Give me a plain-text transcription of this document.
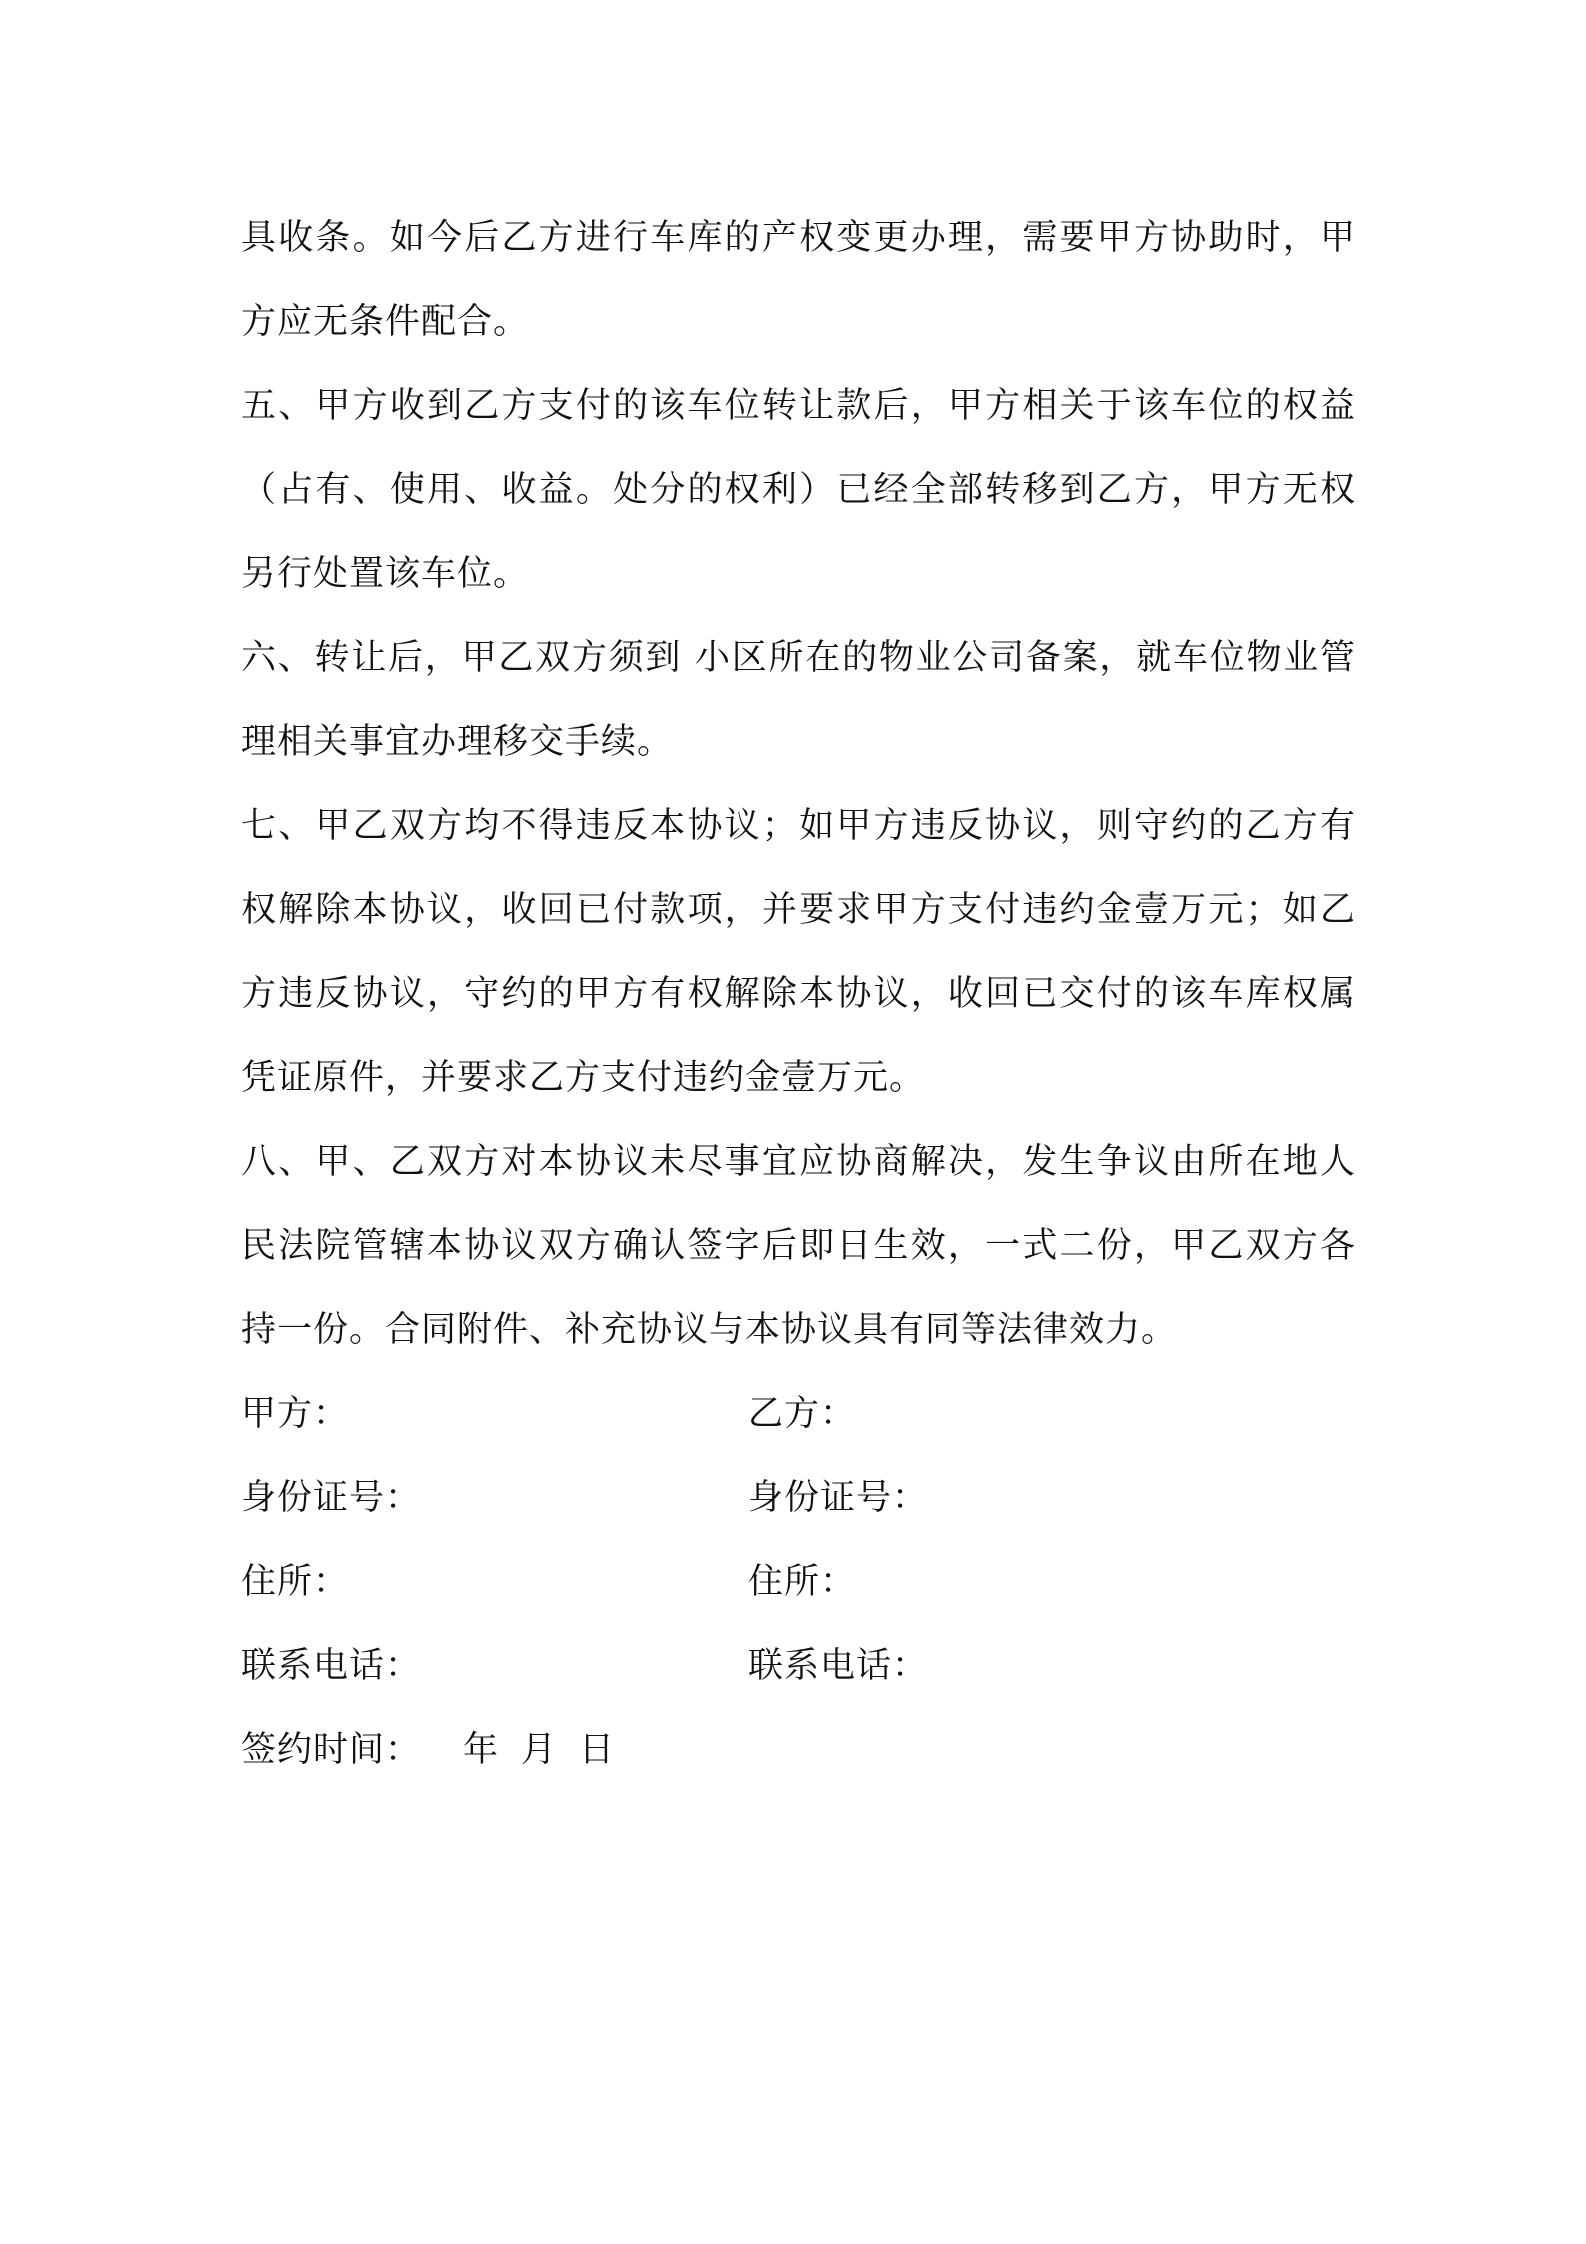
具收条。如今后乙方进行车库的产权变更办理，需要甲方协助时，甲方应无条件配合。

五、甲方收到乙方支付的该车位转让款后，甲方相关于该车位的权益（占有、使用、收益。处分的权利）已经全部转移到乙方，甲方无权另行处置该车位。

六、转让后，甲乙双方须到 小区所在的物业公司备案，就车位物业管理相关事宜办理移交手续。

七、甲乙双方均不得违反本协议；如甲方违反协议，则守约的乙方有权解除本协议，收回已付款项，并要求甲方支付违约金壹万元；如乙方违反协议，守约的甲方有权解除本协议，收回已交付的该车库权属凭证原件，并要求乙方支付违约金壹万元。

八、甲、乙双方对本协议未尽事宜应协商解决，发生争议由所在地人民法院管辖本协议双方确认签字后即日生效，一式二份，甲乙双方各持一份。合同附件、补充协议与本协议具有同等法律效力。

甲方：	乙方：
身份证号：	身份证号：
住所：	住所：
联系电话：	联系电话：
签约时间： 年 月 日
